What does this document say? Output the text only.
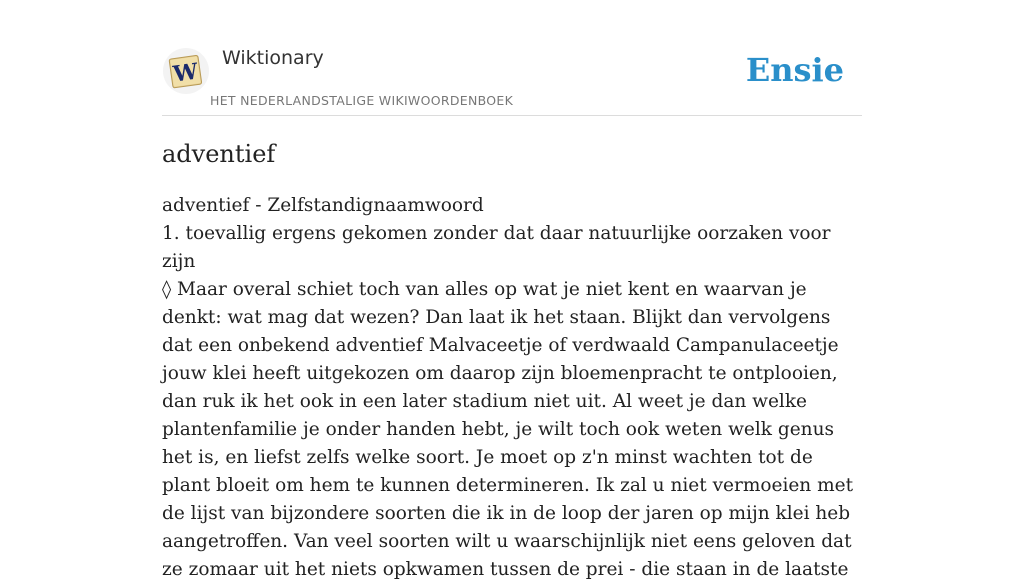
W
Wiktionary
HET NEDERLANDSTALIGE WIKIWOORDENBOEK
Ensie
adventief

adventief - Zelfstandignaamwoord

1. toevallig ergens gekomen zonder dat daar natuurlijke oorzaken voor zijn

◊ Maar overal schiet toch van alles op wat je niet kent en waarvan je denkt: wat mag dat wezen? Dan laat ik het staan. Blijkt dan vervolgens dat een onbekend adventief Malvaceetje of verdwaald Campanulaceetje jouw klei heeft uitgekozen om daarop zijn bloemenpracht te ontplooien, dan ruk ik het ook in een later stadium niet uit. Al weet je dan welke plantenfamilie je onder handen hebt, je wilt toch ook weten welk genus het is, en liefst zelfs welke soort. Je moet op z'n minst wachten tot de plant bloeit om hem te kunnen determineren. Ik zal u niet vermoeien met de lijst van bijzondere soorten die ik in de loop der jaren op mijn klei heb aangetroffen. Van veel soorten wilt u waarschijnlijk niet eens geloven dat ze zomaar uit het niets opkwamen tussen de prei - die staan in de laatste
